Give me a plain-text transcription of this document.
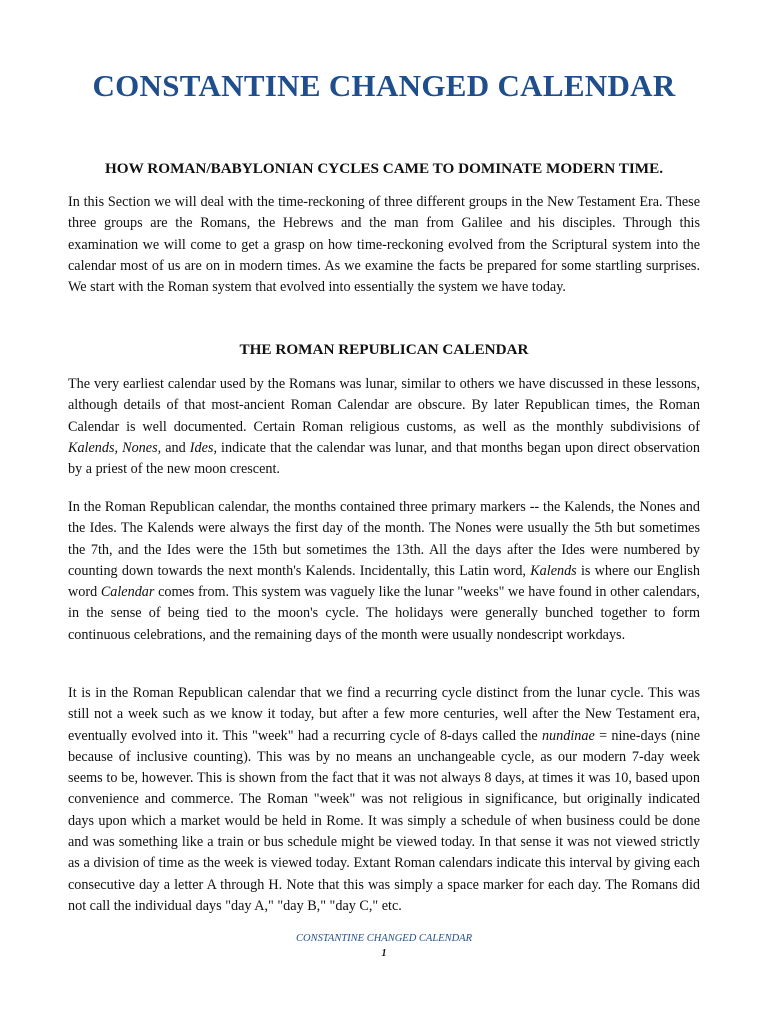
CONSTANTINE CHANGED CALENDAR
HOW ROMAN/BABYLONIAN CYCLES CAME TO DOMINATE MODERN TIME.
In this Section we will deal with the time-reckoning of three different groups in the New Testament Era. These three groups are the Romans, the Hebrews and the man from Galilee and his disciples. Through this examination we will come to get a grasp on how time-reckoning evolved from the Scriptural system into the calendar most of us are on in modern times. As we examine the facts be prepared for some startling surprises. We start with the Roman system that evolved into essentially the system we have today.
THE ROMAN REPUBLICAN CALENDAR
The very earliest calendar used by the Romans was lunar, similar to others we have discussed in these lessons, although details of that most-ancient Roman Calendar are obscure. By later Republican times, the Roman Calendar is well documented. Certain Roman religious customs, as well as the monthly subdivisions of Kalends, Nones, and Ides, indicate that the calendar was lunar, and that months began upon direct observation by a priest of the new moon crescent.
In the Roman Republican calendar, the months contained three primary markers -- the Kalends, the Nones and the Ides. The Kalends were always the first day of the month. The Nones were usually the 5th but sometimes the 7th, and the Ides were the 15th but sometimes the 13th. All the days after the Ides were numbered by counting down towards the next month's Kalends. Incidentally, this Latin word, Kalends is where our English word Calendar comes from. This system was vaguely like the lunar "weeks" we have found in other calendars, in the sense of being tied to the moon's cycle. The holidays were generally bunched together to form continuous celebrations, and the remaining days of the month were usually nondescript workdays.
It is in the Roman Republican calendar that we find a recurring cycle distinct from the lunar cycle. This was still not a week such as we know it today, but after a few more centuries, well after the New Testament era, eventually evolved into it. This "week" had a recurring cycle of 8-days called the nundinae = nine-days (nine because of inclusive counting). This was by no means an unchangeable cycle, as our modern 7-day week seems to be, however. This is shown from the fact that it was not always 8 days, at times it was 10, based upon convenience and commerce. The Roman "week" was not religious in significance, but originally indicated days upon which a market would be held in Rome. It was simply a schedule of when business could be done and was something like a train or bus schedule might be viewed today. In that sense it was not viewed strictly as a division of time as the week is viewed today. Extant Roman calendars indicate this interval by giving each consecutive day a letter A through H. Note that this was simply a space marker for each day. The Romans did not call the individual days "day A," "day B," "day C," etc.
CONSTANTINE CHANGED CALENDAR
1
